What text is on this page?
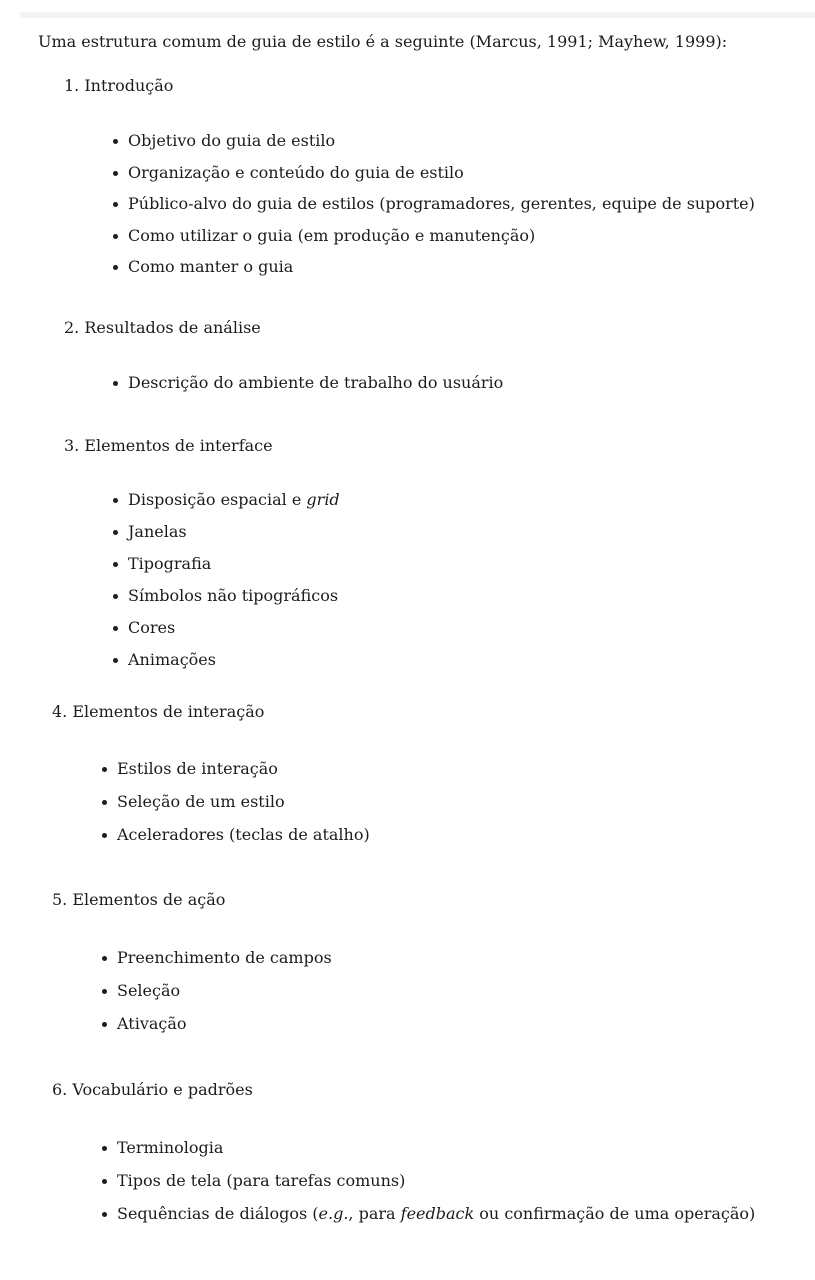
Uma estrutura comum de guia de estilo é a seguinte (Marcus, 1991; Mayhew, 1999):
1. Introdução
Objetivo do guia de estilo
Organização e conteúdo do guia de estilo
Público-alvo do guia de estilos (programadores, gerentes, equipe de suporte)
Como utilizar o guia (em produção e manutenção)
Como manter o guia
2. Resultados de análise
Descrição do ambiente de trabalho do usuário
3. Elementos de interface
Disposição espacial e grid
Janelas
Tipografia
Símbolos não tipográficos
Cores
Animações
4. Elementos de interação
Estilos de interação
Seleção de um estilo
Aceleradores (teclas de atalho)
5. Elementos de ação
Preenchimento de campos
Seleção
Ativação
6. Vocabulário e padrões
Terminologia
Tipos de tela (para tarefas comuns)
Sequências de diálogos (e.g., para feedback ou confirmação de uma operação)
